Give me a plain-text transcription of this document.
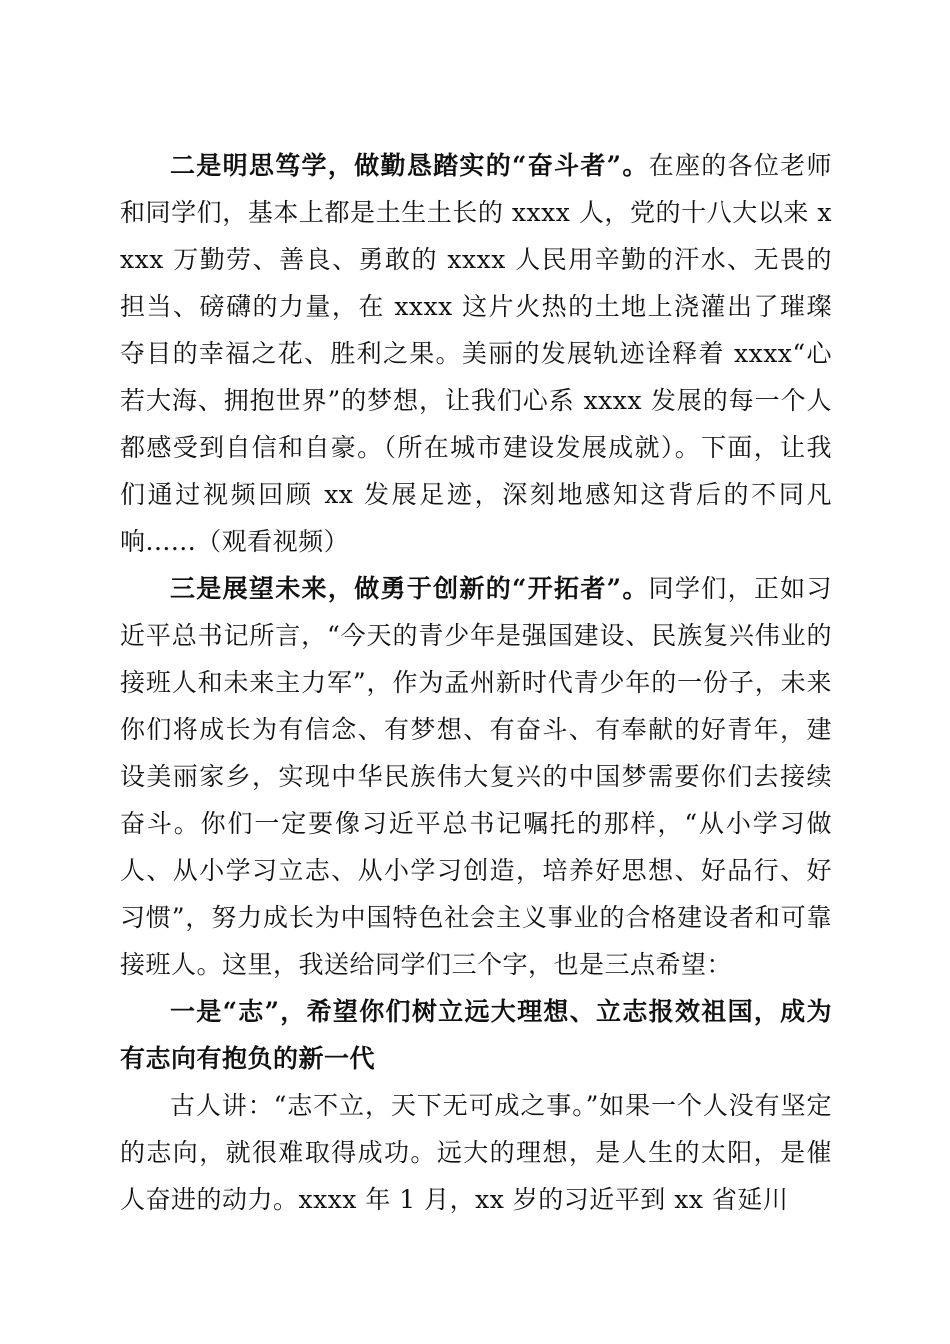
二是明思笃学，做勤恳踏实的“奋斗者”。在座的各位老师和同学们，基本上都是土生土长的 xxxx 人，党的十八大以来 xxxx 万勤劳、善良、勇敢的 xxxx 人民用辛勤的汗水、无畏的担当、磅礴的力量，在 xxxx 这片火热的土地上浇灌出了璀璨夺目的幸福之花、胜利之果。美丽的发展轨迹诠释着 xxxx“心若大海、拥抱世界”的梦想，让我们心系 xxxx 发展的每一个人都感受到自信和自豪。（所在城市建设发展成就）。下面，让我们通过视频回顾 xx 发展足迹，深刻地感知这背后的不同凡响......（观看视频）

三是展望未来，做勇于创新的“开拓者”。同学们，正如习近平总书记所言，“今天的青少年是强国建设、民族复兴伟业的接班人和未来主力军”，作为孟州新时代青少年的一份子，未来你们将成长为有信念、有梦想、有奋斗、有奉献的好青年，建设美丽家乡，实现中华民族伟大复兴的中国梦需要你们去接续奋斗。你们一定要像习近平总书记嘱托的那样，“从小学习做人、从小学习立志、从小学习创造，培养好思想、好品行、好习惯”，努力成长为中国特色社会主义事业的合格建设者和可靠接班人。这里，我送给同学们三个字，也是三点希望：

一是“志”，希望你们树立远大理想、立志报效祖国，成为有志向有抱负的新一代

古人讲：“志不立，天下无可成之事。”如果一个人没有坚定的志向，就很难取得成功。远大的理想，是人生的太阳，是催人奋进的动力。xxxx 年 1 月，xx 岁的习近平到 xx 省延川
